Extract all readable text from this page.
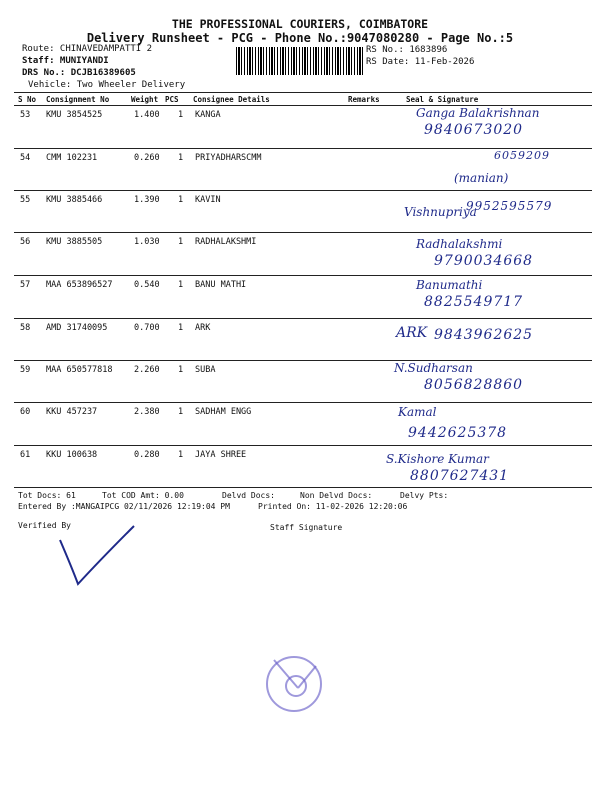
THE PROFESSIONAL COURIERS, COIMBATORE
Delivery Runsheet - PCG - Phone No.:9047080280 - Page No.:5
Route: CHINAVEDAMPATTI 2
Staff: MUNIYANDI
DRS No.: DCJB16389605
Vehicle: Two Wheeler Delivery
RS No.: 1683896
RS Date: 11-Feb-2026
S No Consignment No	Weight PCS Consignee Details	Remarks	Seal & Signature
53 KMU 3854525	1.400 1 KANGA	Ganga Balakrishnan
9840673020
54 CMM 102231	0.260 1 PRIYADHARSCMM	6059209
(manian)
55 KMU 3885466	1.390 1 KAVIN
Vishnupriya
9952595579
56 KMU 3885505	1.030 1 RADHALAKSHMI	Radhalakshmi
9790034668
57 MAA 653896527	0.540 1 BANU MATHI	Banumathi
8825549717
58 AMD 31740095	0.700 1 ARK	ARK 9843962625
59 MAA 650577818	2.260 1 SUBA	N.Sudharsan
8056828860
60 KKU 457237	2.380 1 SADHAM ENGG	Kamal
9442625378
61 KKU 100638	0.280 1 JAYA SHREE	S.Kishore Kumar
8807627431
Tot Docs: 61	Tot COD Amt: 0.00	Delvd Docs:	Non Delvd Docs:	Delvy Pts:
Entered By :MANGAIPCG 02/11/2026 12:19:04 PM	Printed On: 11-02-2026 12:20:06
Verified By	Staff Signature
